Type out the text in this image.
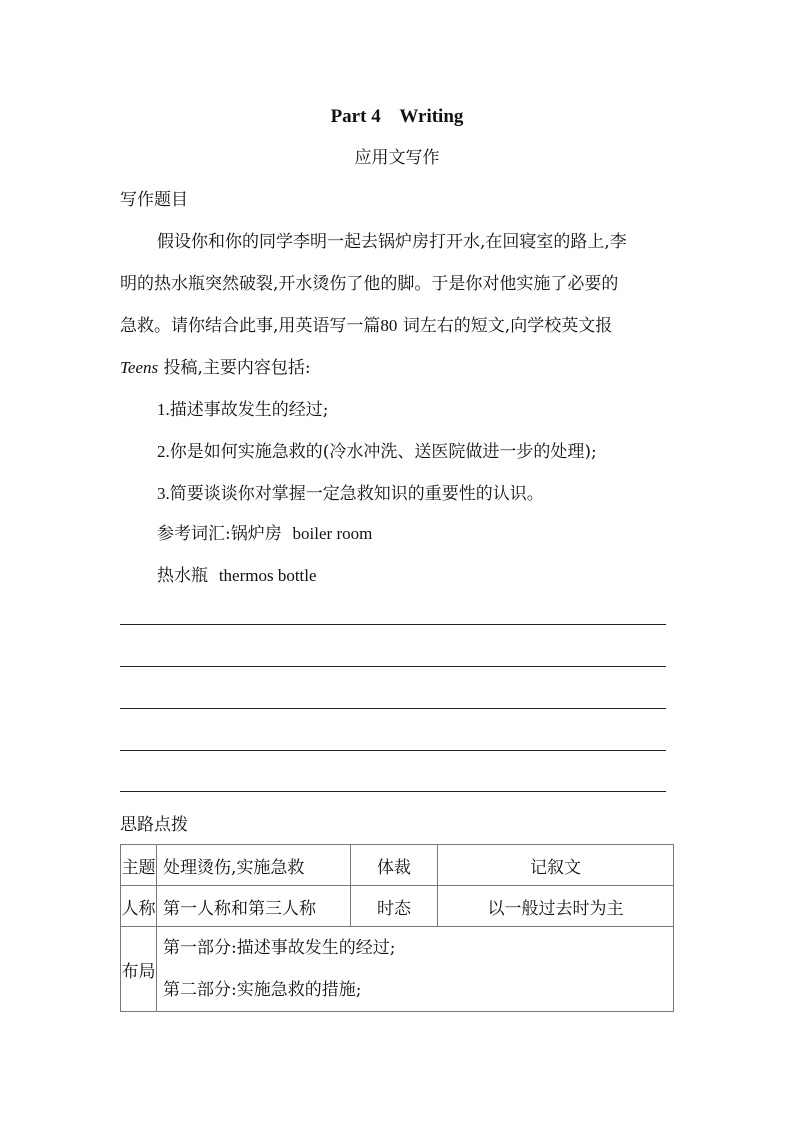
Part 4    Writing
应用文写作
写作题目
假设你和你的同学李明一起去锅炉房打开水,在回寝室的路上,李
明的热水瓶突然破裂,开水烫伤了他的脚。于是你对他实施了必要的
急救。请你结合此事,用英语写一篇80 词左右的短文,向学校英文报
Teens 投稿,主要内容包括:
1.描述事故发生的经过;
2.你是如何实施急救的(冷水冲洗、送医院做进一步的处理);
3.简要谈谈你对掌握一定急救知识的重要性的认识。
参考词汇:锅炉房 boiler room
热水瓶 thermos bottle
思路点拨
主题	处理烫伤,实施急救	体裁	记叙文
人称	第一人称和第三人称	时态	以一般过去时为主
布局	第一部分:描述事故发生的经过;
第二部分:实施急救的措施;		
